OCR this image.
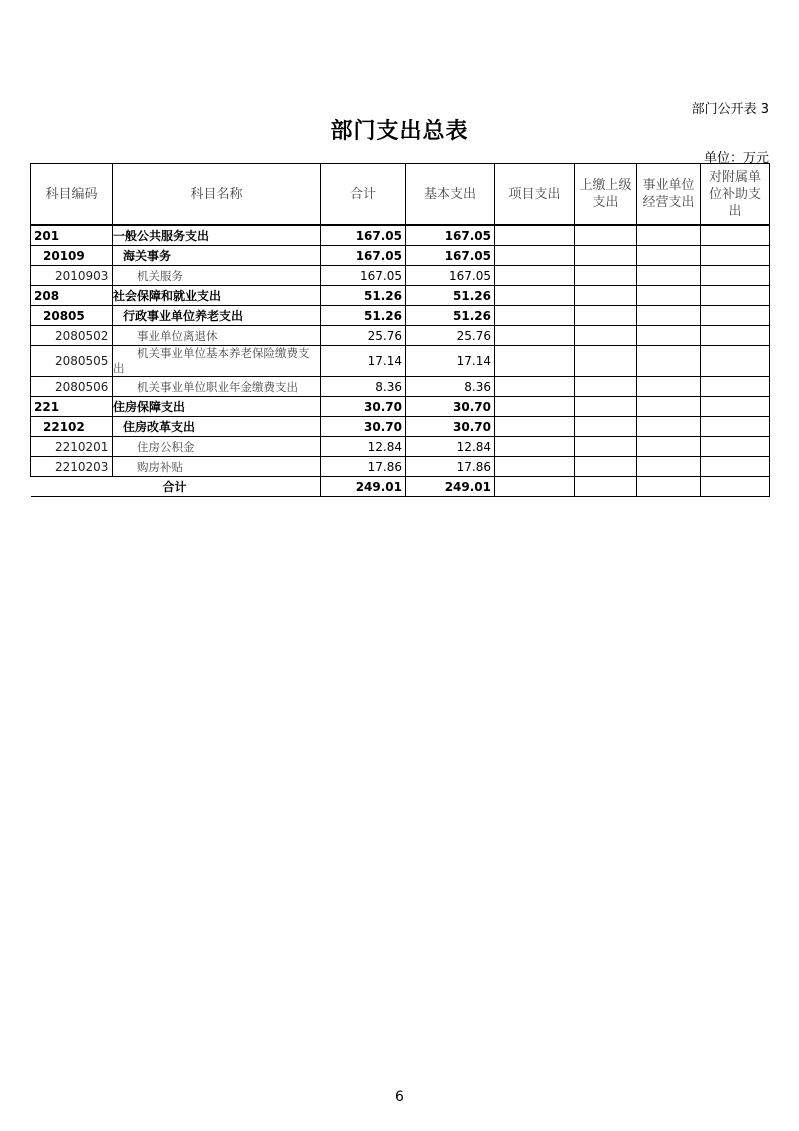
部门公开表 3
部门支出总表
单位：万元
科目编码	科目名称	合计	基本支出	项目支出	上缴上级支出	事业单位经营支出	对附属单位补助支出
201	一般公共服务支出	167.05	167.05				
20109	海关事务	167.05	167.05				
2010903	机关服务	167.05	167.05				
208	社会保障和就业支出	51.26	51.26				
20805	行政事业单位养老支出	51.26	51.26				
2080502	事业单位离退休	25.76	25.76				
2080505	机关事业单位基本养老保险缴费支出	17.14	17.14				
2080506	机关事业单位职业年金缴费支出	8.36	8.36				
221	住房保障支出	30.70	30.70				
22102	住房改革支出	30.70	30.70				
2210201	住房公积金	12.84	12.84				
2210203	购房补贴	17.86	17.86				
	合计	249.01	249.01				
6
